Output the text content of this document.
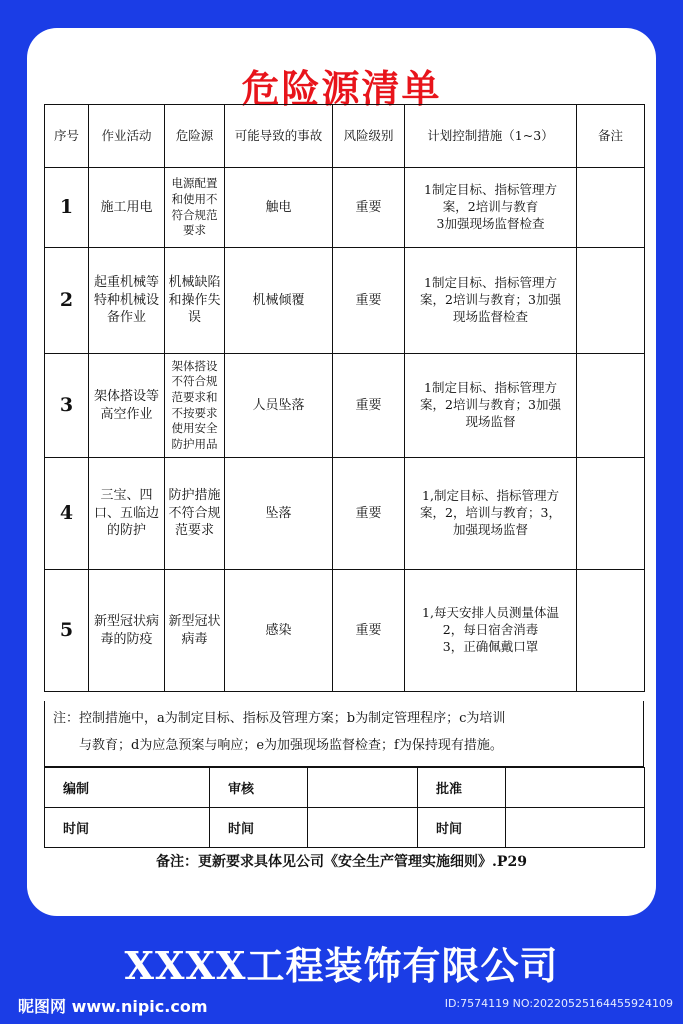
危险源清单
序号	作业活动	危险源	可能导致的事故	风险级别	计划控制措施（1~3）	备注
1	施工用电	电源配置和使用不符合规范要求	触电	重要	1制定目标、指标管理方
案，2培训与教育
3加强现场监督检查	

2	起重机械等特种机械设备作业	机械缺陷和操作失误	机械倾覆	重要	1制定目标、指标管理方
案，2培训与教育；3加强
现场监督检查	

3	架体搭设等高空作业	架体搭设不符合规范要求和不按要求使用安全防护用品	人员坠落	重要	1制定目标、指标管理方
案，2培训与教育；3加强
现场监督	

4	三宝、四口、五临边的防护	防护措施不符合规范要求	坠落	重要	1,制定目标、指标管理方
案，2，培训与教育；3，
加强现场监督	

5	新型冠状病毒的防疫	新型冠状病毒	感染	重要	1,每天安排人员测量体温
2，每日宿舍消毒
3，正确佩戴口罩	

注：控制措施中，a为制定目标、指标及管理方案；b为制定管理程序；c为培训
与教育；d为应急预案与响应；e为加强现场监督检查；f为保持现有措施。
编制	审核		批准	
时间	时间		时间	
备注：更新要求具体见公司《安全生产管理实施细则》.P29
XXXX工程装饰有限公司
昵图网 www.nipic.com	ID:7574119 NO:20220525164455924109
